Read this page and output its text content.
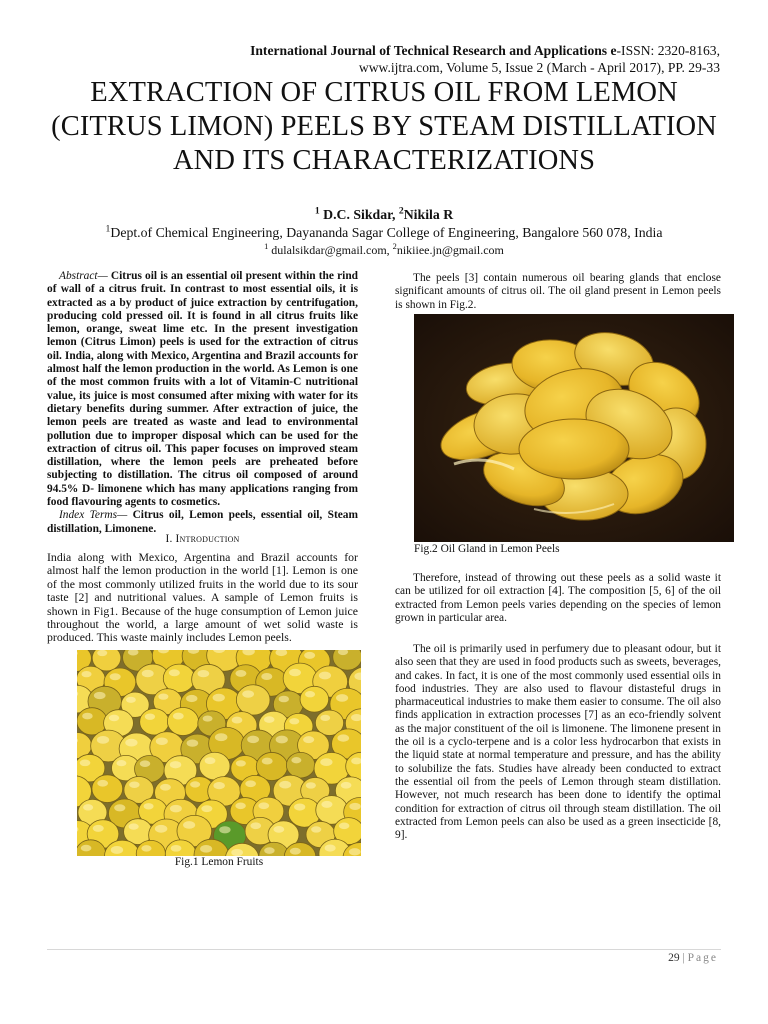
International Journal of Technical Research and Applications e-ISSN: 2320-8163,
www.ijtra.com, Volume 5, Issue 2 (March - April 2017), PP. 29-33
EXTRACTION OF CITRUS OIL FROM LEMON (CITRUS LIMON) PEELS BY STEAM DISTILLATION AND ITS CHARACTERIZATIONS
$^1$ D.C. Sikdar, $^2$Nikila R
$^1$Dept.of Chemical Engineering, Dayananda Sagar College of Engineering, Bangalore 560 078, India
$^1$ dulalsikdar@gmail.com, $^2$nikiiee.jn@gmail.com

Abstract— Citrus oil is an essential oil present within the rind of wall of a citrus fruit. In contrast to most essential oils, it is extracted as a by product of juice extraction by centrifugation, producing cold pressed oil. It is found in all citrus fruits like lemon, orange, sweat lime etc. In the present investigation lemon (Citrus Limon) peels is used for the extraction of citrus oil. India, along with Mexico, Argentina and Brazil accounts for almost half the lemon production in the world. As Lemon is one of the most common fruits with a lot of Vitamin-C nutritional value, its juice is most consumed after mixing with water for its dietary benefits during summer. After extraction of juice, the lemon peels are treated as waste and lead to environmental pollution due to improper disposal which can be used for the extraction of citrus oil. This paper focuses on improved steam distillation, where the lemon peels are preheated before subjecting to distillation. The citrus oil composed of around 94.5% D- limonene which has many applications ranging from food flavouring agents to cosmetics.

Index Terms— Citrus oil, Lemon peels, essential oil, Steam distillation, Limonene.

I. Introduction
India along with Mexico, Argentina and Brazil accounts for almost half the lemon production in the world [1]. Lemon is one of the most commonly utilized fruits in the world due to its sour taste [2] and nutritional values. A sample of Lemon fruits is shown in Fig1. Because of the huge consumption of Lemon juice throughout the world, a large amount of wet solid waste is produced. This waste mainly includes Lemon peels.
Fig.1 Lemon Fruits

The peels [3] contain numerous oil bearing glands that enclose significant amounts of citrus oil. The oil gland present in Lemon peels is shown in Fig.2.

Fig.2 Oil Gland in Lemon Peels

Therefore, instead of throwing out these peels as a solid waste it can be utilized for oil extraction [4]. The composition [5, 6] of the oil extracted from Lemon peels varies depending on the species of lemon grown in particular area.

The oil is primarily used in perfumery due to pleasant odour, but it also seen that they are used in food products such as sweets, beverages, and cakes. In fact, it is one of the most commonly used essential oils in food industries. They are also used to flavour distasteful drugs in pharmaceutical industries to make them easier to consume. The oil also finds application in extraction processes [7] as an eco-friendly solvent as the major constituent of the oil is limonene. The limonene present in the oil is a cyclo-terpene and is a color less hydrocarbon that exists in the liquid state at normal temperature and pressure, and has the ability to solubilize the fats. Studies have already been conducted to extract the essential oil from the peels of Lemon through steam distillation. However, not much research has been done to identify the optimal condition for extraction of citrus oil through steam distillation. The oil extracted from Lemon peels can also be used as a green insecticide [8, 9].

29 | Page
